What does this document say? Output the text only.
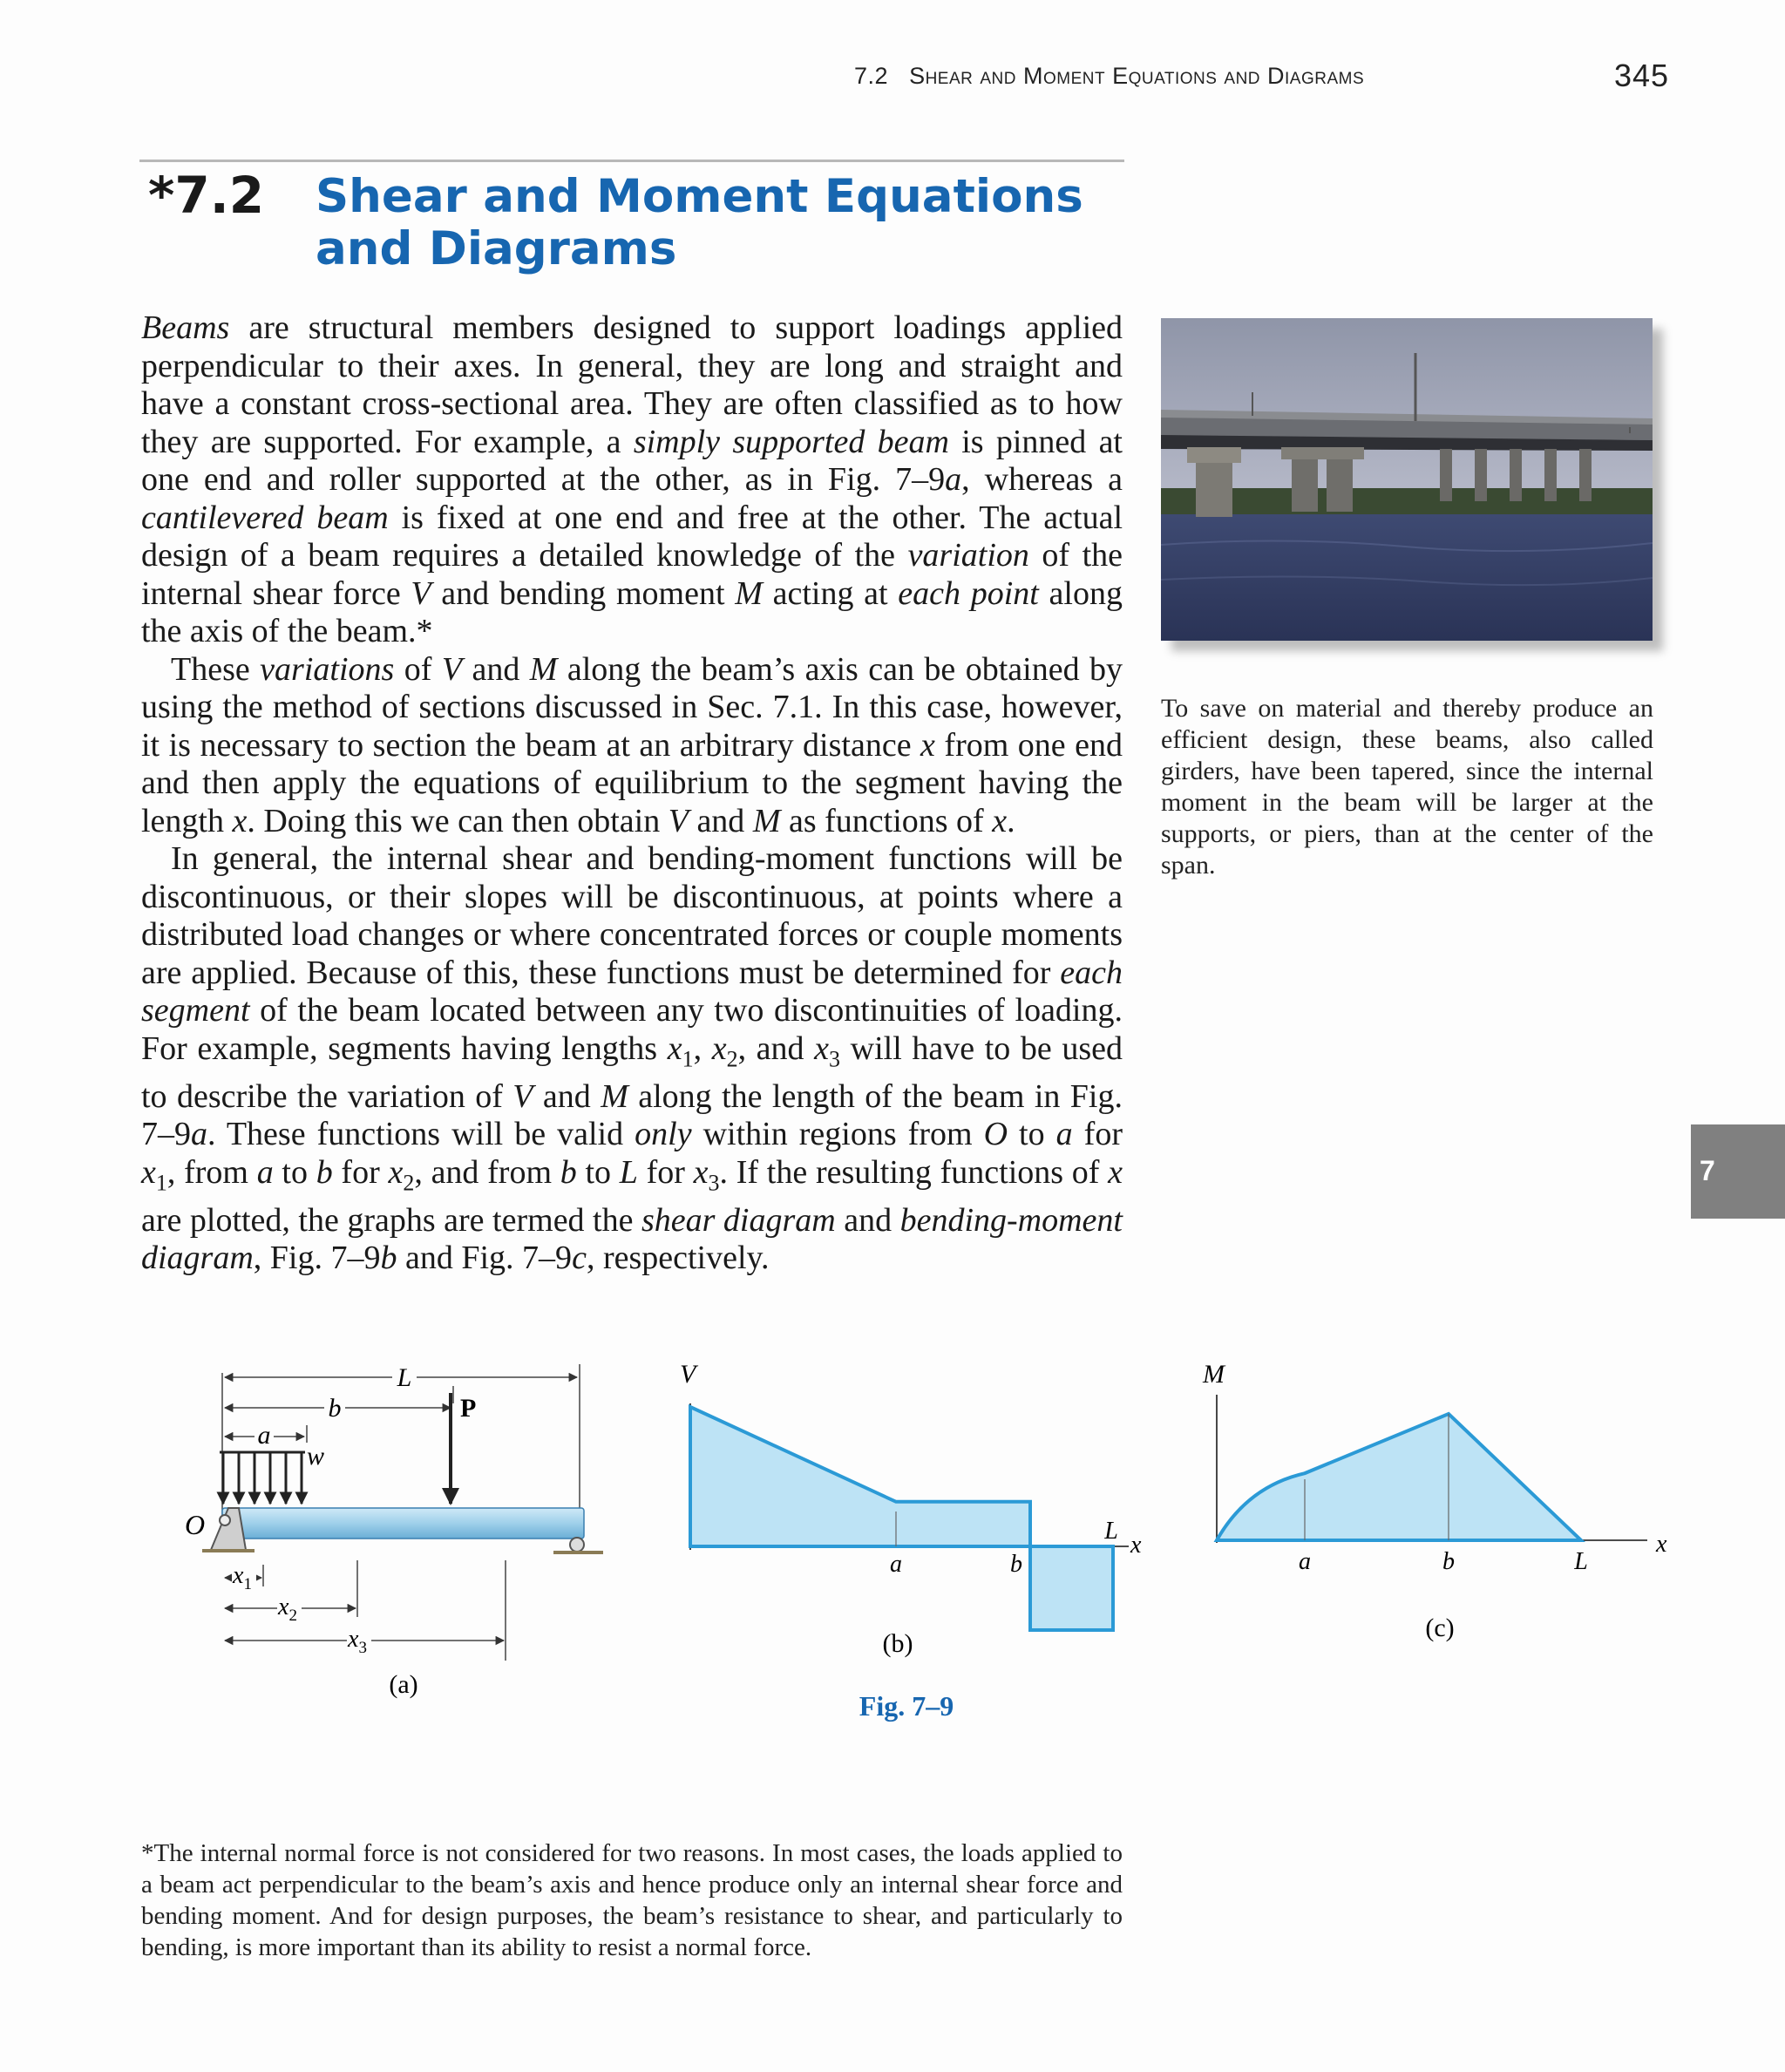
7.2 Shear and Moment Equations and Diagrams	345
*7.2 Shear and Moment Equations and Diagrams

Beams are structural members designed to support loadings applied perpendicular to their axes. In general, they are long and straight and have a constant cross-sectional area. They are often classified as to how they are supported. For example, a simply supported beam is pinned at one end and roller supported at the other, as in Fig. 7–9a, whereas a cantilevered beam is fixed at one end and free at the other. The actual design of a beam requires a detailed knowledge of the variation of the internal shear force V and bending moment M acting at each point along the axis of the beam.*

These variations of V and M along the beam’s axis can be obtained by using the method of sections discussed in Sec. 7.1. In this case, however, it is necessary to section the beam at an arbitrary distance x from one end and then apply the equations of equilibrium to the segment having the length x. Doing this we can then obtain V and M as functions of x.

In general, the internal shear and bending-moment functions will be discontinuous, or their slopes will be discontinuous, at points where a distributed load changes or where concentrated forces or couple moments are applied. Because of this, these functions must be determined for each segment of the beam located between any two discontinuities of loading. For example, segments having lengths $x_1$, $x_2$, and $x_3$ will have to be used to describe the variation of V and M along the length of the beam in Fig. 7–9a. These functions will be valid only within regions from O to a for $x_1$, from a to b for $x_2$, and from b to L for $x_3$. If the resulting functions of x are plotted, the graphs are termed the shear diagram and bending-moment diagram, Fig. 7–9b and Fig. 7–9c, respectively.

To save on material and thereby produce an efficient design, these beams, also called girders, have been tapered, since the internal moment in the beam will be larger at the supports, or piers, than at the center of the span.
7
L
b
a
w
P
O
$x_1$
$x_2$
$x_3$
(a)
V
a	b
L
x
(b)
M
a	b	L
x
(c)
Fig. 7–9
*The internal normal force is not considered for two reasons. In most cases, the loads applied to a beam act perpendicular to the beam’s axis and hence produce only an internal shear force and bending moment. And for design purposes, the beam’s resistance to shear, and particularly to bending, is more important than its ability to resist a normal force.
